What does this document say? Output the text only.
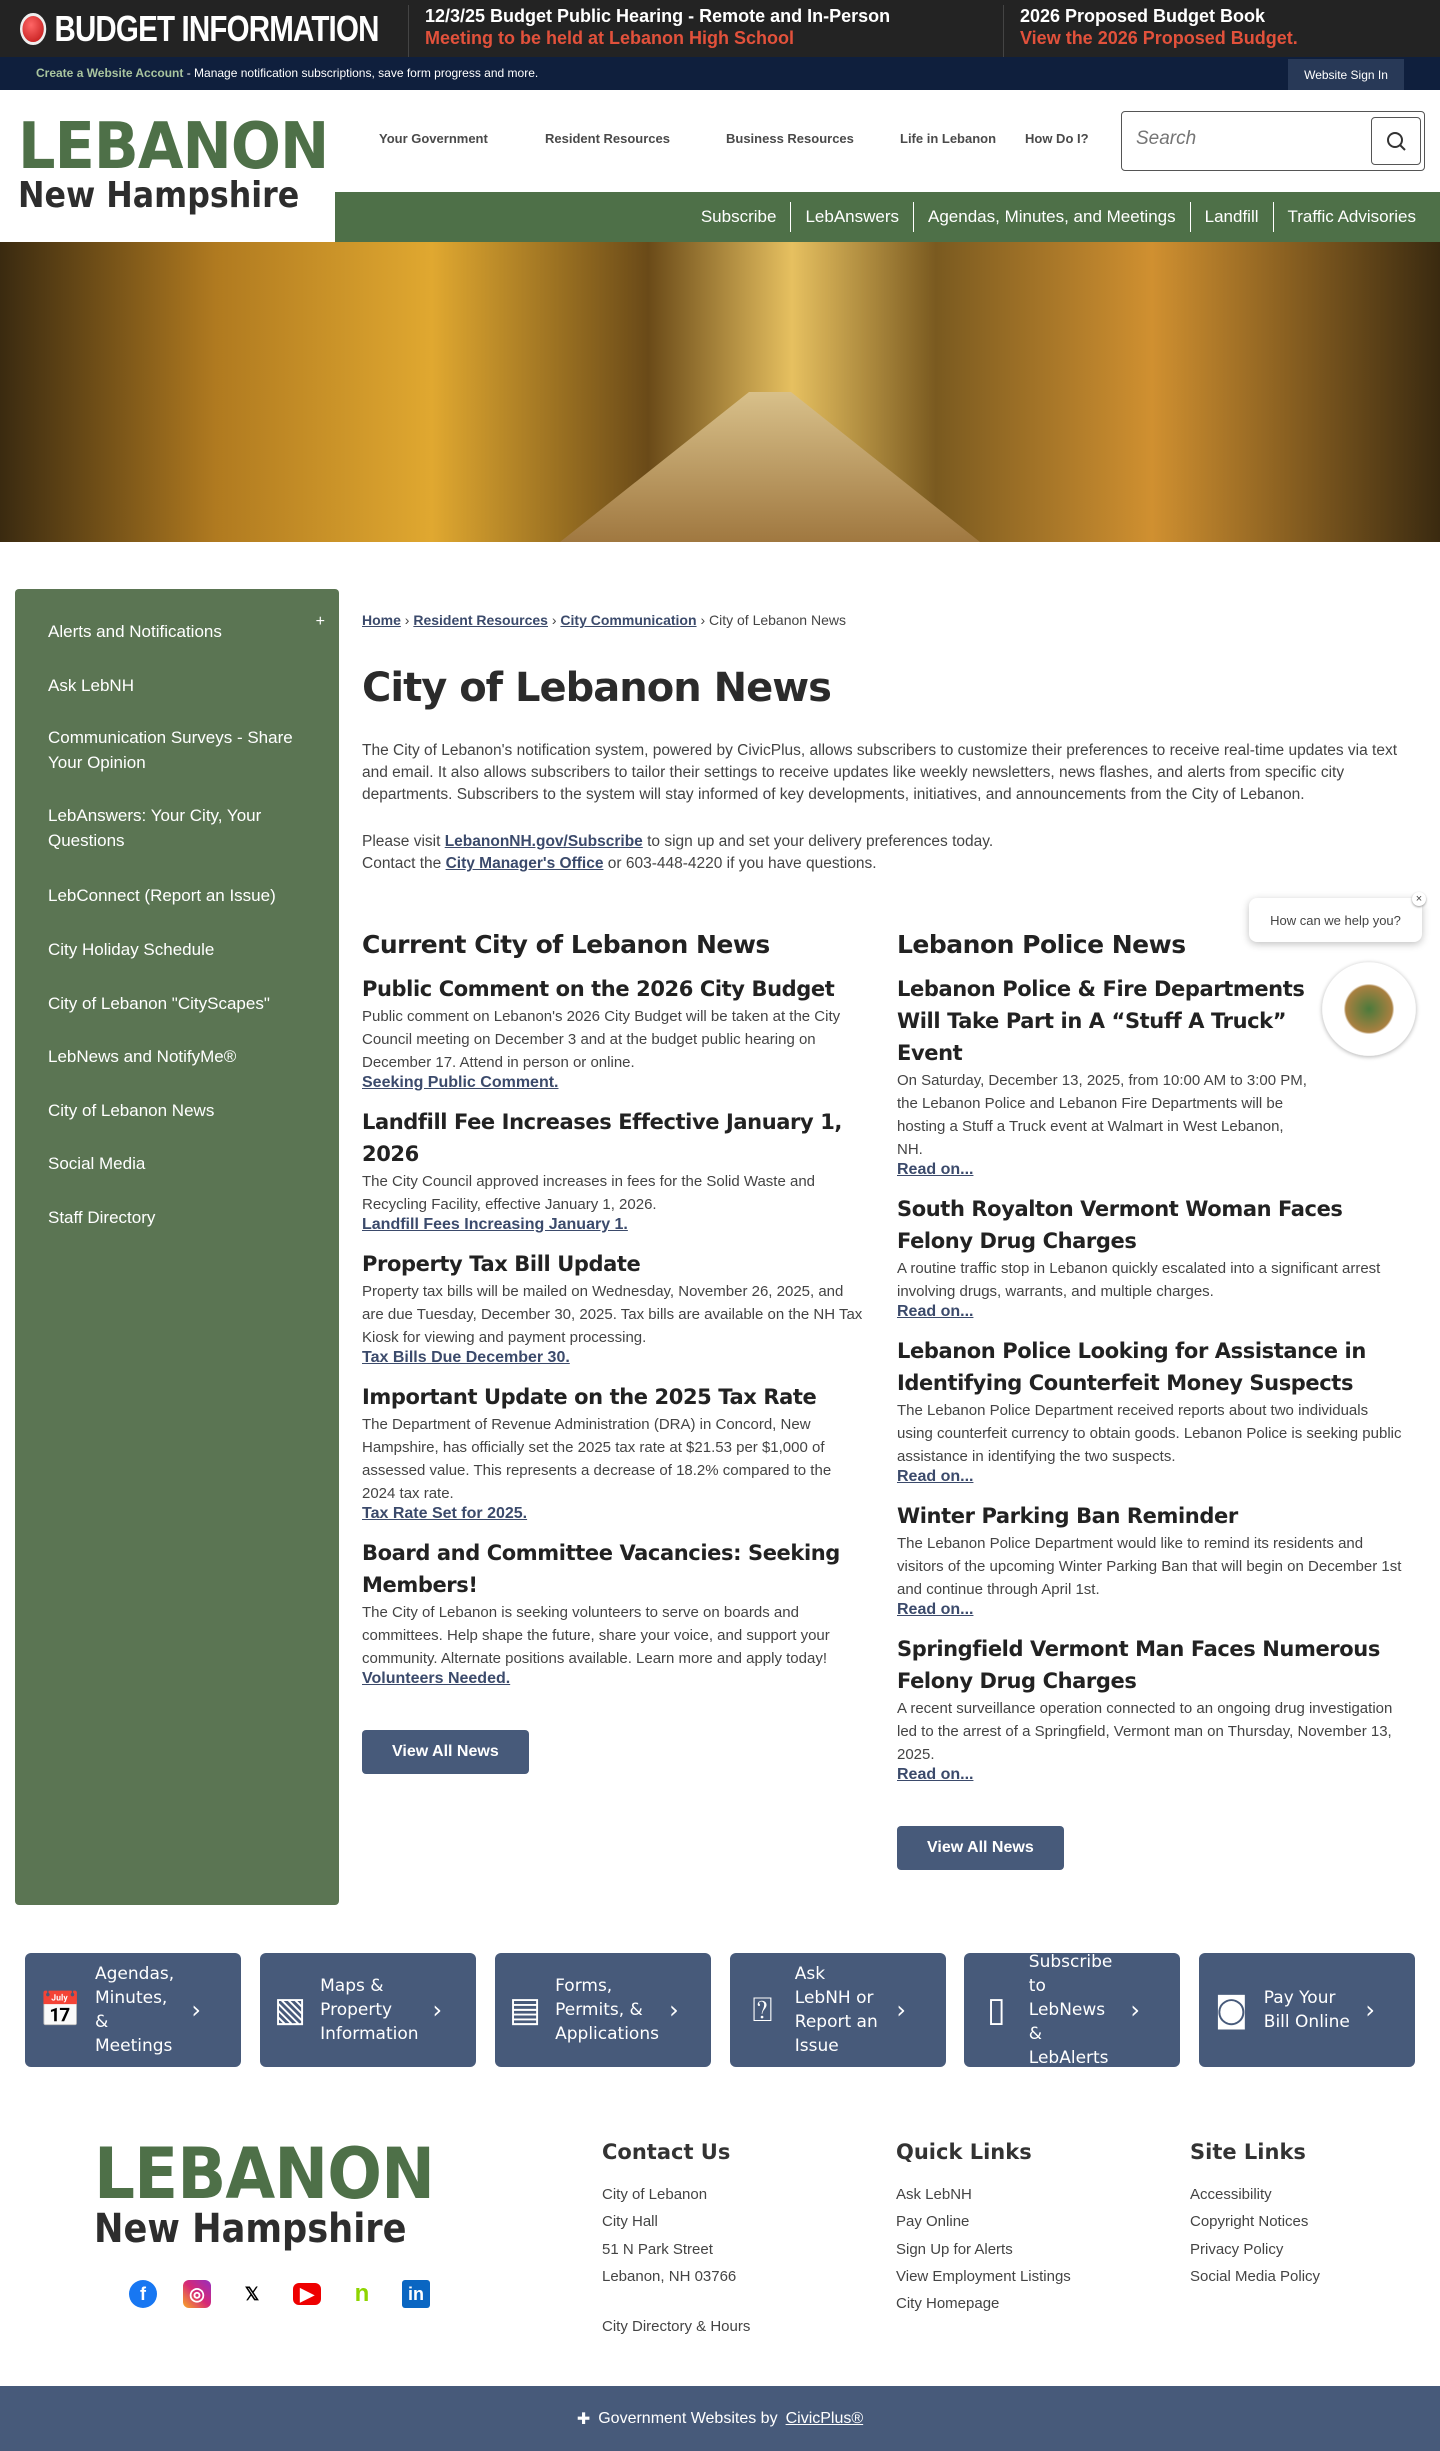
BUDGET INFORMATION	12/3/25 Budget Public Hearing - Remote and In-Person
Meeting to be held at Lebanon High School
2026 Proposed Budget Book
View the 2026 Proposed Budget.
Create a Website Account - Manage notification subscriptions, save form progress and more.	Website Sign In
LEBANON
New Hampshire
Your Government	Resident Resources	Business Resources	Life in Lebanon How Do I?
Search
Subscribe	LebAnswers	Agendas, Minutes, and Meetings	Landfill	Traffic Advisories
+
Alerts and Notifications
Ask LebNH
Communication Surveys - Share Your Opinion
LebAnswers: Your City, Your Questions
LebConnect (Report an Issue)
City Holiday Schedule
City of Lebanon "CityScapes"
LebNews and NotifyMe®
City of Lebanon News
Social Media
Staff Directory
Home › Resident Resources › City Communication › City of Lebanon News
City of Lebanon News
The City of Lebanon's notification system, powered by CivicPlus, allows subscribers to customize their preferences to receive real-time updates via text and email. It also allows subscribers to tailor their settings to receive updates like weekly newsletters, news flashes, and alerts from specific city departments. Subscribers to the system will stay informed of key developments, initiatives, and announcements from the City of Lebanon.
Please visit LebanonNH.gov/Subscribe to sign up and set your delivery preferences today.
Contact the City Manager's Office or 603-448-4220 if you have questions.
Current City of Lebanon News
Public Comment on the 2026 City Budget

Public comment on Lebanon's 2026 City Budget will be taken at the City Council meeting on December 3 and at the budget public hearing on December 17. Attend in person or online.

Seeking Public Comment.
Landfill Fee Increases Effective January 1, 2026

The City Council approved increases in fees for the Solid Waste and Recycling Facility, effective January 1, 2026.

Landfill Fees Increasing January 1.
Property Tax Bill Update

Property tax bills will be mailed on Wednesday, November 26, 2025, and are due Tuesday, December 30, 2025. Tax bills are available on the NH Tax Kiosk for viewing and payment processing.

Tax Bills Due December 30.
Important Update on the 2025 Tax Rate

The Department of Revenue Administration (DRA) in Concord, New Hampshire, has officially set the 2025 tax rate at $21.53 per $1,000 of assessed value. This represents a decrease of 18.2% compared to the 2024 tax rate.

Tax Rate Set for 2025.
Board and Committee Vacancies: Seeking Members!

The City of Lebanon is seeking volunteers to serve on boards and committees. Help shape the future, share your voice, and support your community. Alternate positions available. Learn more and apply today!

Volunteers Needed.
View All News
Lebanon Police News
Lebanon Police & Fire Departments Will Take Part in A “Stuff A Truck” Event

On Saturday, December 13, 2025, from 10:00 AM to 3:00 PM, the Lebanon Police and Lebanon Fire Departments will be hosting a Stuff a Truck event at Walmart in West Lebanon, NH.

Read on...
South Royalton Vermont Woman Faces Felony Drug Charges

A routine traffic stop in Lebanon quickly escalated into a significant arrest involving drugs, warrants, and multiple charges.

Read on...
Lebanon Police Looking for Assistance in Identifying Counterfeit Money Suspects

The Lebanon Police Department received reports about two individuals using counterfeit currency to obtain goods. Lebanon Police is seeking public assistance in identifying the two suspects.

Read on...
Winter Parking Ban Reminder

The Lebanon Police Department would like to remind its residents and visitors of the upcoming Winter Parking Ban that will begin on December 1st and continue through April 1st.

Read on...
Springfield Vermont Man Faces Numerous Felony Drug Charges

A recent surveillance operation connected to an ongoing drug investigation led to the arrest of a Springfield, Vermont man on Thursday, November 13, 2025.

Read on...
View All News
How can we help you?
×
📅
Agendas, Minutes, & Meetings
› ▧
Maps & Property Information
› ▤
Forms, Permits, & Applications
› ⍰
Ask LebNH or Report an Issue
› ▯
Subscribe to LebNews & LebAlerts
› ◙ Pay Your Bill Online ›
LEBANON
New Hampshire
f	◎	𝕏	▶ n	in
Contact Us
City of Lebanon
City Hall
51 N Park Street
Lebanon, NH 03766
City Directory & Hours
Quick Links
Ask LebNH
Pay Online
Sign Up for Alerts
View Employment Listings
City Homepage
Site Links
Accessibility
Copyright Notices
Privacy Policy
Social Media Policy
✚ Government Websites by CivicPlus®
